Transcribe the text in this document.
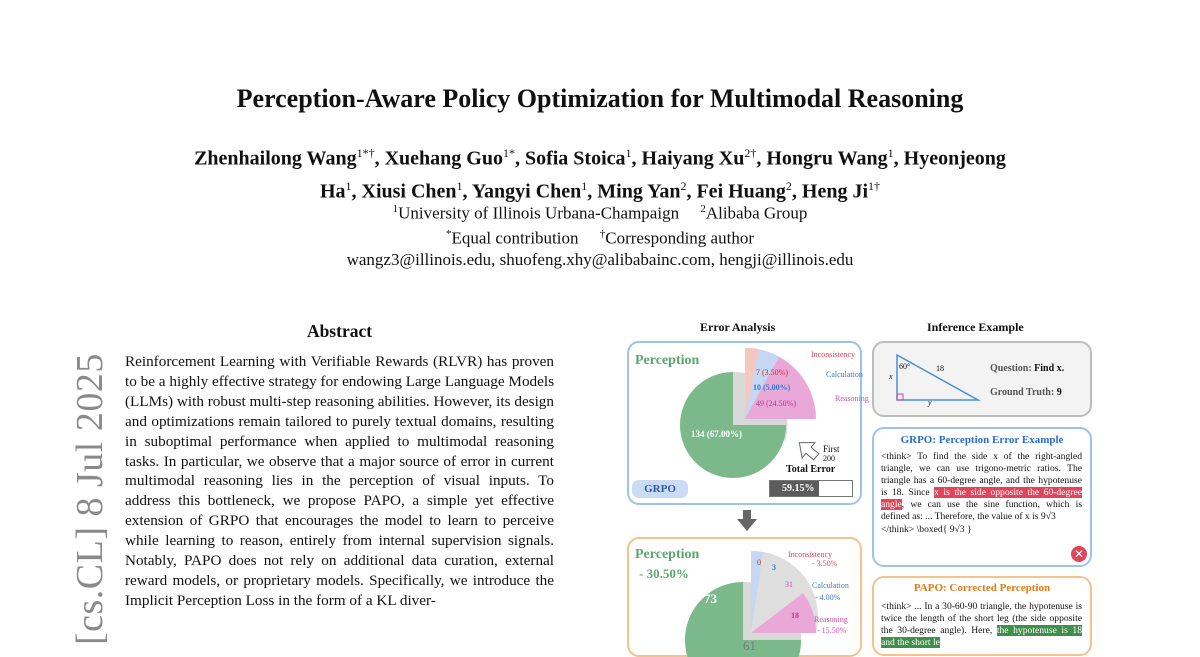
Perception-Aware Policy Optimization for Multimodal Reasoning
Zhenhailong Wang$^{1*\dagger}$, Xuehang Guo$^{1*}$, Sofia Stoica$^1$, Haiyang $Xu^{2\dagger}$, Hongru Wang$^1$, Hyeonjeong
Ha$^1$, Xiusi Chen$^1$, Yangyi Chen$^1$, Ming Yan$^2$, Fei Huang$^2$, Heng $Ji^{1\dagger}$
$^1$University of Illinois Urbana-Champaign $^2$Alibaba Group
*Equal contribution †Corresponding author
wangz3@illinois.edu, shuofeng.xhy@alibabainc.com, hengji@illinois.edu
[cs.CL] 8 Jul 2025
Abstract
Reinforcement Learning with Verifiable Rewards (RLVR) has proven to be a highly effective strategy for endowing Large Language Models (LLMs) with robust multi-step reasoning abilities. However, its design and optimizations remain tailored to purely textual domains, resulting in suboptimal performance when applied to multimodal reasoning tasks. In particular, we observe that a major source of error in current multimodal reasoning lies in the perception of visual inputs. To address this bottleneck, we propose PAPO, a simple yet effective extension of GRPO that encourages the model to learn to perceive while learning to reason, entirely from internal supervision signals. Notably, PAPO does not rely on additional data curation, external reward models, or proprietary models. Specifically, we introduce the Implicit Perception Loss in the form of a KL diver-
Error Analysis	Inference Example
Perception
134 (67.00%)
Inconsistency
7 (3.50%)	Calculation
10 (5.00%)
Reasoning
49 (24.50%)
First
200
Total Error
59.15%
GRPO
Perception
- 30.50%
73
61
0
3
31
18
Inconsistency
- 3.50%
Calculation
- 4.00%
Reasoning
- 15.50%
60°	18
x
y
Question: Find x.
Ground Truth: 9
GRPO: Perception Error Example
<think> To find the side x of the right-angled triangle, we can use trigono-metric ratios. The triangle has a 60-degree angle, and the hypotenuse is 18. Since x is the side opposite the 60-degree angle, we can use the sine function, which is defined as: ... Therefore, the value of x is 9√3
</think> \boxed{ 9√3 }
✕
PAPO: Corrected Perception
<think> ... In a 30-60-90 triangle, the hypotenuse is twice the length of the short leg (the side opposite the 30-degree angle). Here, the hypotenuse is 18 and the short le
